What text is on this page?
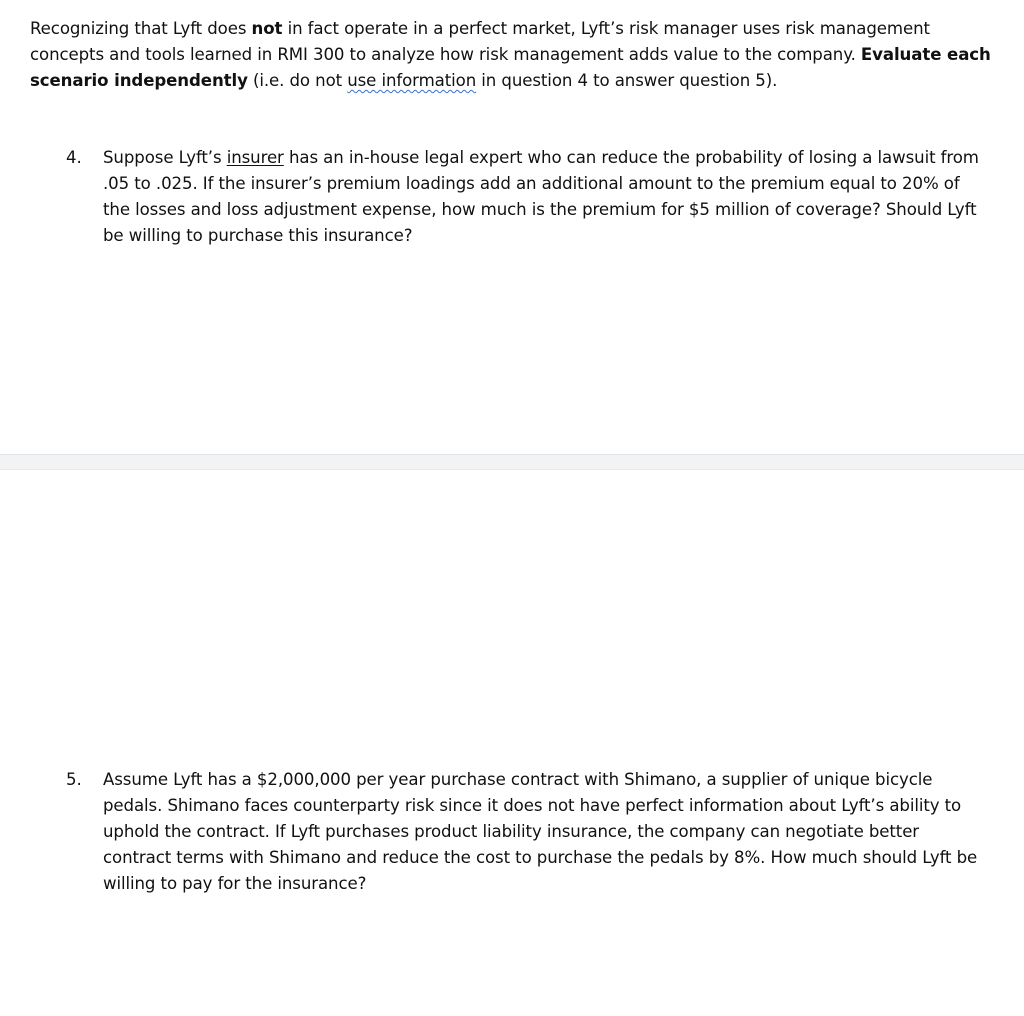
Recognizing that Lyft does not in fact operate in a perfect market, Lyft’s risk manager uses risk management concepts and tools learned in RMI 300 to analyze how risk management adds value to the company. Evaluate each scenario independently (i.e. do not use information in question 4 to answer question 5).
4.	Suppose Lyft’s insurer has an in-house legal expert who can reduce the probability of losing a lawsuit from .05 to .025. If the insurer’s premium loadings add an additional amount to the premium equal to 20% of the losses and loss adjustment expense, how much is the premium for $5 million of coverage? Should Lyft be willing to purchase this insurance?
5.	Assume Lyft has a $2,000,000 per year purchase contract with Shimano, a supplier of unique bicycle pedals. Shimano faces counterparty risk since it does not have perfect information about Lyft’s ability to uphold the contract. If Lyft purchases product liability insurance, the company can negotiate better contract terms with Shimano and reduce the cost to purchase the pedals by 8%. How much should Lyft be willing to pay for the insurance?
